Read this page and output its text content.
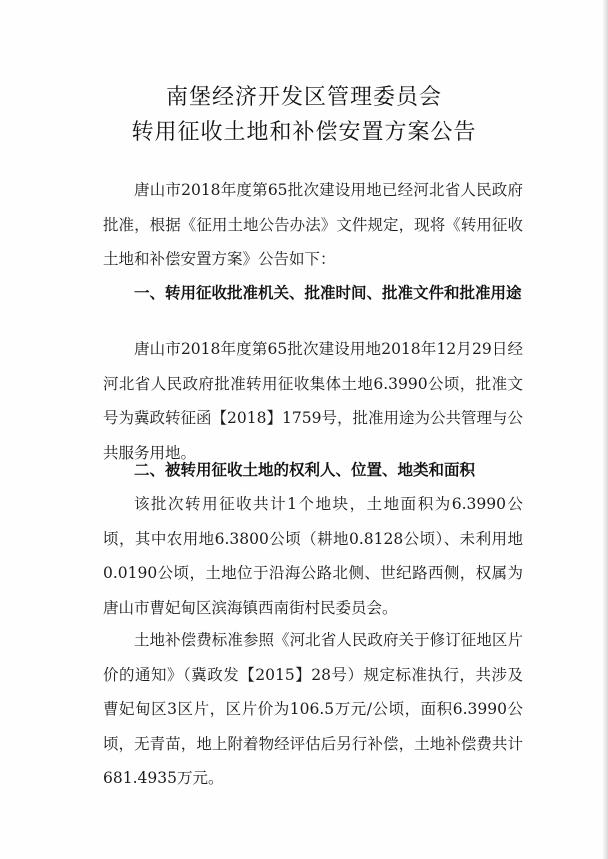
南堡经济开发区管理委员会
转用征收土地和补偿安置方案公告

唐山市2018年度第65批次建设用地已经河北省人民政府批准，根据《征用土地公告办法》文件规定，现将《转用征收土地和补偿安置方案》公告如下：

一、转用征收批准机关、批准时间、批准文件和批准用途

唐山市2018年度第65批次建设用地2018年12月29日经河北省人民政府批准转用征收集体土地6.3990公顷，批准文号为冀政转征函【2018】1759号，批准用途为公共管理与公共服务用地。

二、被转用征收土地的权利人、位置、地类和面积

该批次转用征收共计1个地块，土地面积为6.3990公顷，其中农用地6.3800公顷（耕地0.8128公顷）、未利用地0.0190公顷，土地位于沿海公路北侧、世纪路西侧，权属为唐山市曹妃甸区滨海镇西南街村民委员会。

土地补偿费标准参照《河北省人民政府关于修订征地区片价的通知》（冀政发【2015】28号）规定标准执行，共涉及曹妃甸区3区片，区片价为106.5万元/公顷，面积6.3990公顷，无青苗，地上附着物经评估后另行补偿，土地补偿费共计681.4935万元。
